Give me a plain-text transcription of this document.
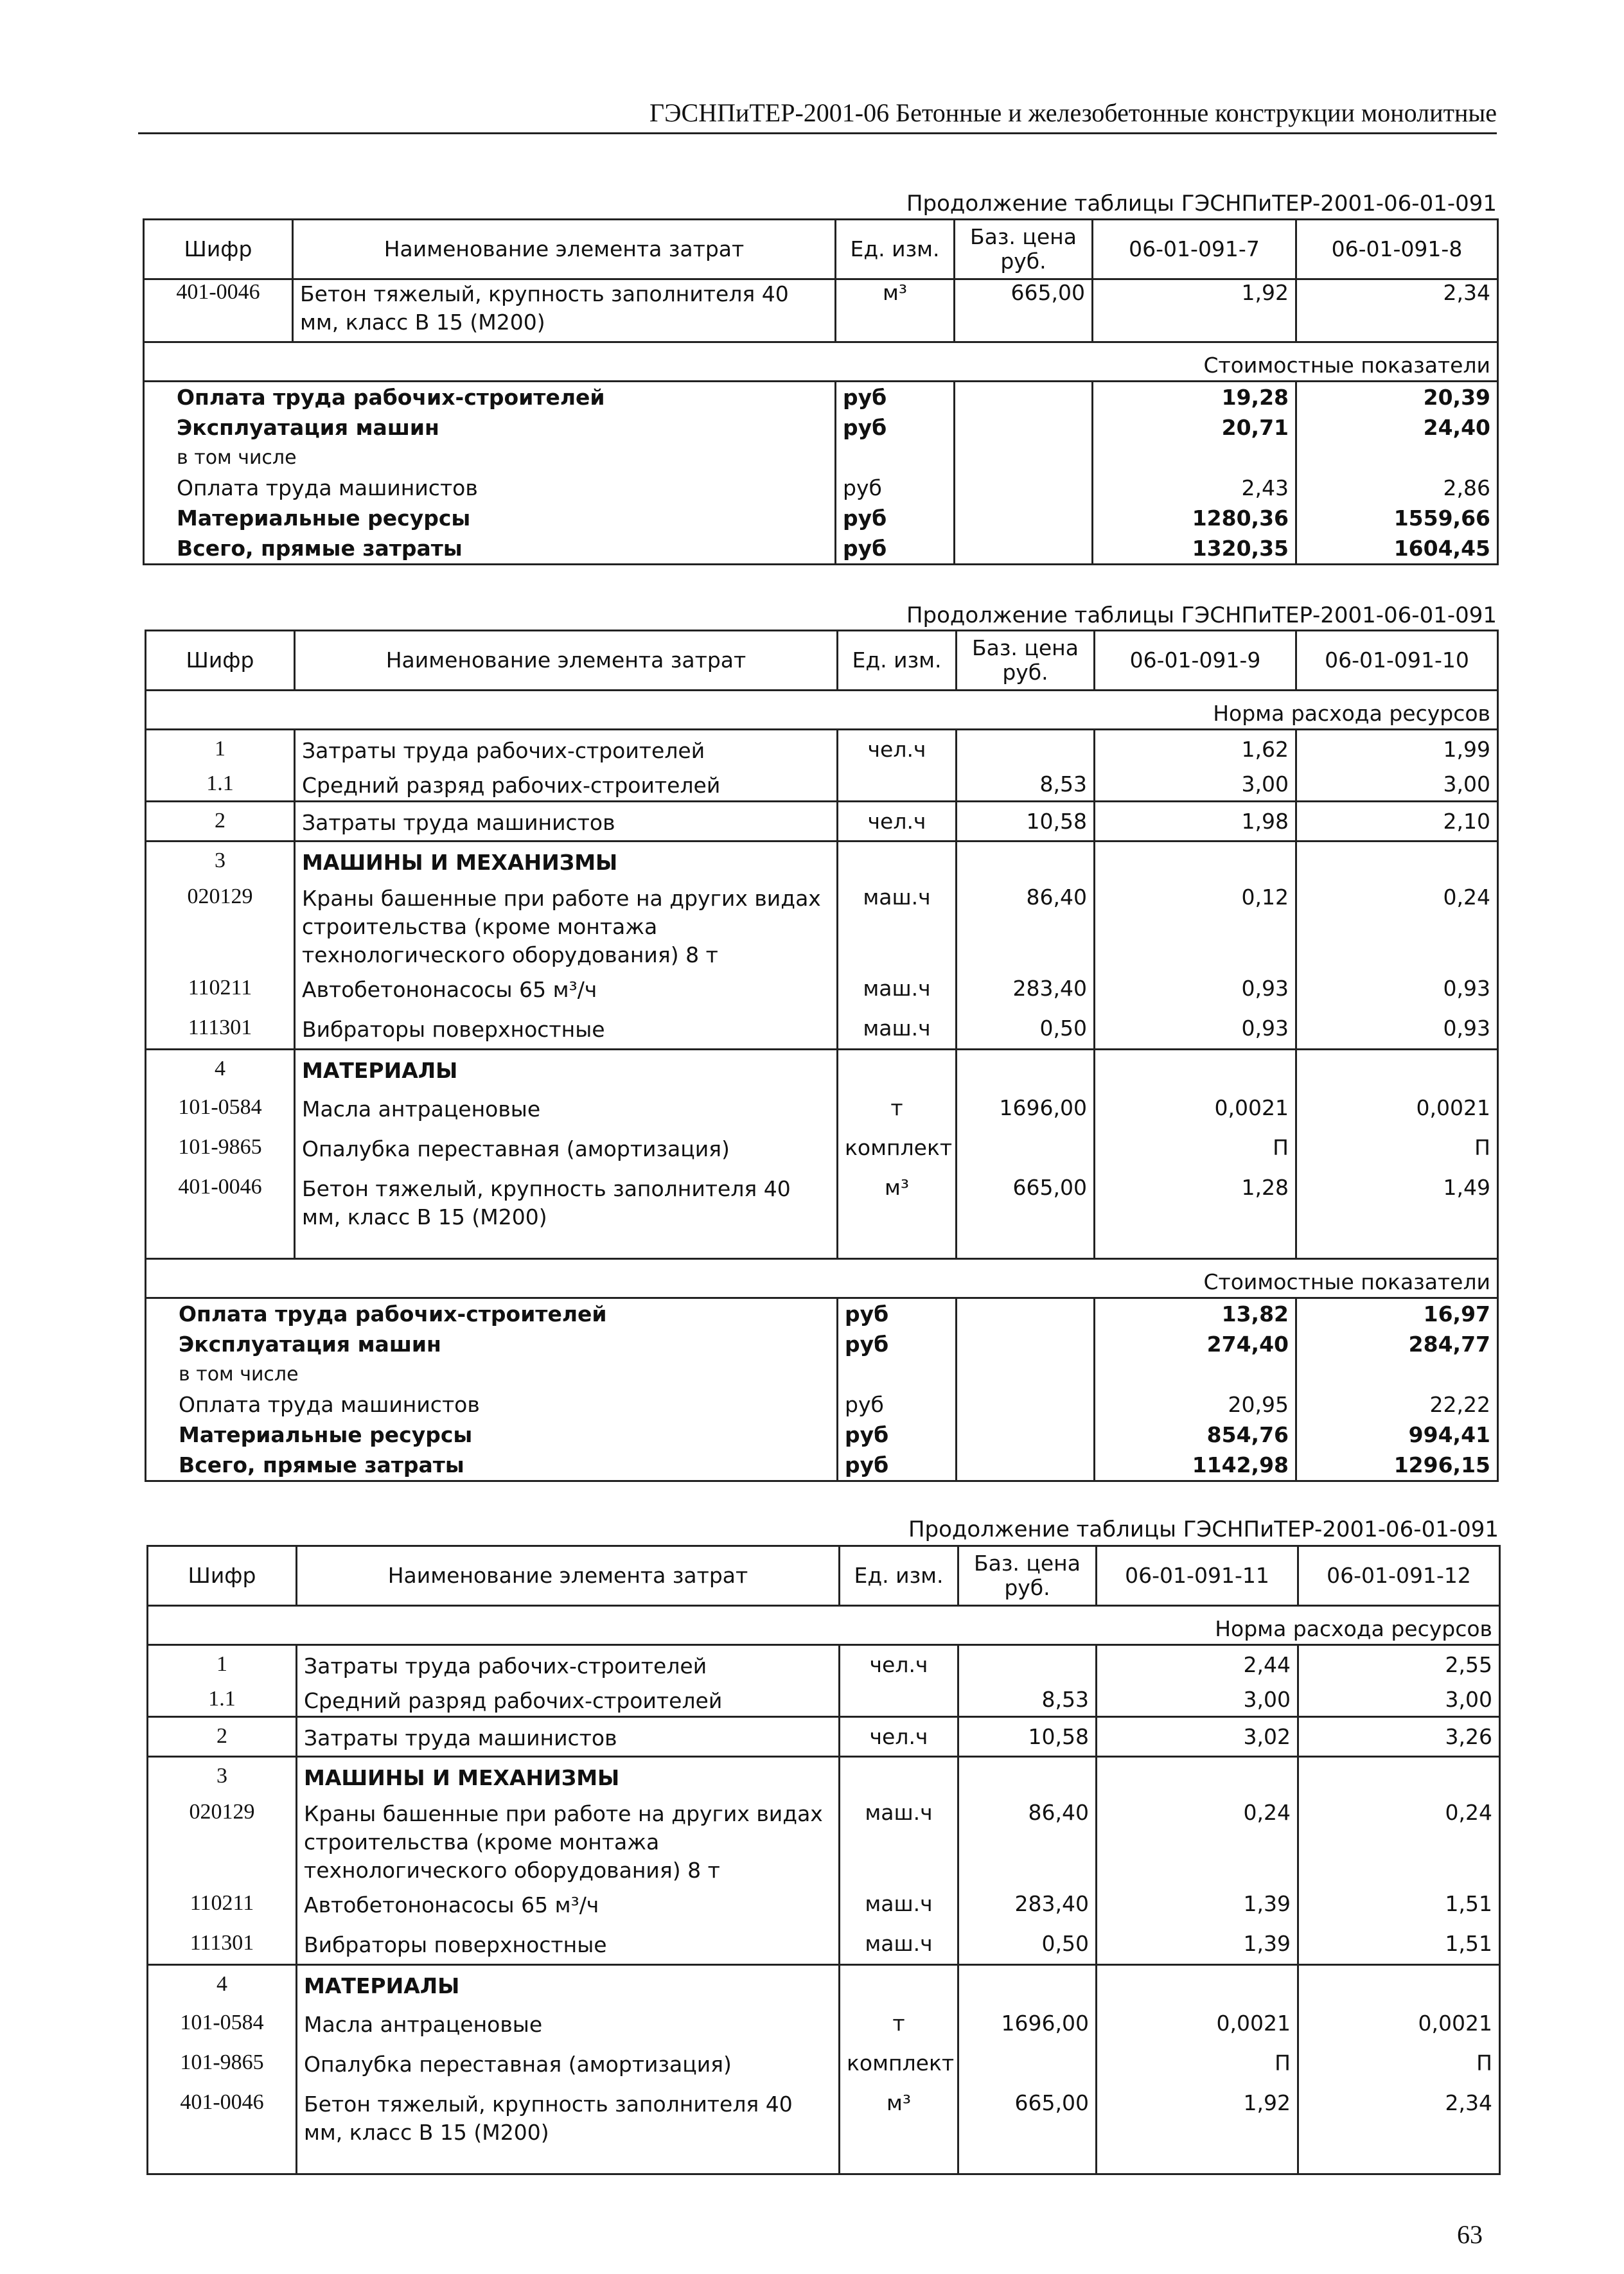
ГЭСНПиТЕР-2001-06 Бетонные и железобетонные конструкции монолитные
Продолжение таблицы ГЭСНПиТЕР-2001-06-01-091
Шифр	Наименование элемента затрат	Ед. изм.	Баз. цена руб.	06-01-091-7	06-01-091-8
401-0046	Бетон тяжелый, крупность заполнителя 40 мм, класс В 15 (М200)	м³	665,00	1,92	2,34
Стоимостные показатели					
Оплата труда рабочих-строителей		руб		19,28	20,39
Эксплуатация машин		руб		20,71	24,40
в том числе					
Оплата труда машинистов		руб		2,43	2,86
Материальные ресурсы		руб		1280,36	1559,66
Всего, прямые затраты		руб		1320,35	1604,45
Продолжение таблицы ГЭСНПиТЕР-2001-06-01-091
Шифр	Наименование элемента затрат	Ед. изм.	Баз. цена руб.	06-01-091-9	06-01-091-10
Норма расхода ресурсов					
1	Затраты труда рабочих-строителей	чел.ч		1,62	1,99
1.1	Средний разряд рабочих-строителей		8,53	3,00	3,00
2	Затраты труда машинистов	чел.ч	10,58	1,98	2,10
3	МАШИНЫ И МЕХАНИЗМЫ				
020129	Краны башенные при работе на других видах строительства (кроме монтажа технологического оборудования) 8 т	маш.ч	86,40	0,12	0,24
110211	Автобетононасосы 65 м³/ч	маш.ч	283,40	0,93	0,93
111301	Вибраторы поверхностные	маш.ч	0,50	0,93	0,93
4	МАТЕРИАЛЫ				
101-0584	Масла антраценовые	т	1696,00	0,0021	0,0021
101-9865	Опалубка переставная (амортизация)	комплект		П	П
401-0046	Бетон тяжелый, крупность заполнителя 40 мм, класс В 15 (М200)	м³	665,00	1,28	1,49
Стоимостные показатели					
Оплата труда рабочих-строителей		руб		13,82	16,97
Эксплуатация машин		руб		274,40	284,77
в том числе					
Оплата труда машинистов		руб		20,95	22,22
Материальные ресурсы		руб		854,76	994,41
Всего, прямые затраты		руб		1142,98	1296,15
Продолжение таблицы ГЭСНПиТЕР-2001-06-01-091
Шифр	Наименование элемента затрат	Ед. изм.	Баз. цена руб.	06-01-091-11	06-01-091-12
Норма расхода ресурсов					
1	Затраты труда рабочих-строителей	чел.ч		2,44	2,55
1.1	Средний разряд рабочих-строителей		8,53	3,00	3,00
2	Затраты труда машинистов	чел.ч	10,58	3,02	3,26
3	МАШИНЫ И МЕХАНИЗМЫ				
020129	Краны башенные при работе на других видах строительства (кроме монтажа технологического оборудования) 8 т	маш.ч	86,40	0,24	0,24
110211	Автобетононасосы 65 м³/ч	маш.ч	283,40	1,39	1,51
111301	Вибраторы поверхностные	маш.ч	0,50	1,39	1,51
4	МАТЕРИАЛЫ				
101-0584	Масла антраценовые	т	1696,00	0,0021	0,0021
101-9865	Опалубка переставная (амортизация)	комплект		П	П
401-0046	Бетон тяжелый, крупность заполнителя 40 мм, класс В 15 (М200)	м³	665,00	1,92	2,34
63
